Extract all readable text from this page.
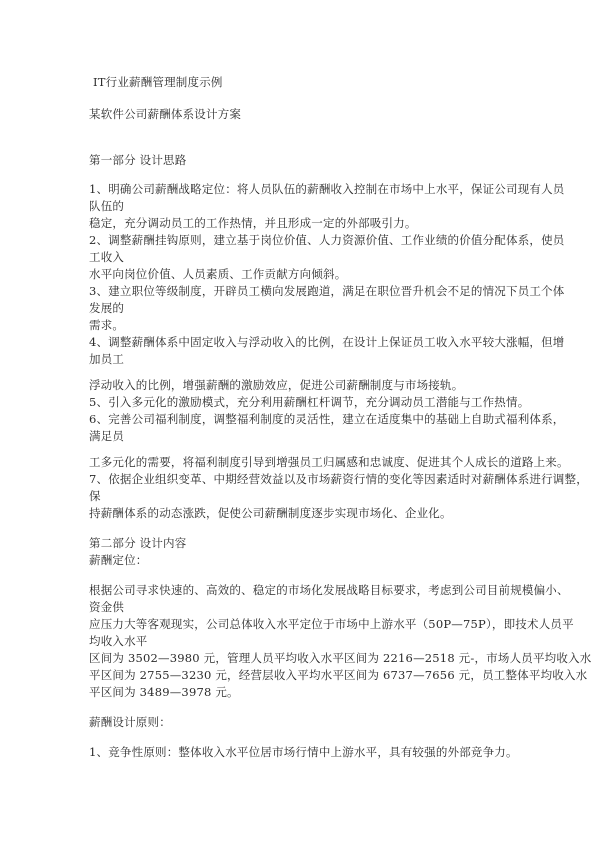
IT行业薪酬管理制度示例
某软件公司薪酬体系设计方案
第一部分 设计思路
1、明确公司薪酬战略定位：将人员队伍的薪酬收入控制在市场中上水平，保证公司现有人员
队伍的
稳定，充分调动员工的工作热情，并且形成一定的外部吸引力。
2、调整薪酬挂钩原则，建立基于岗位价值、人力资源价值、工作业绩的价值分配体系，使员
工收入
水平向岗位价值、人员素质、工作贡献方向倾斜。
3、建立职位等级制度，开辟员工横向发展跑道，满足在职位晋升机会不足的情况下员工个体
发展的
需求。
4、调整薪酬体系中固定收入与浮动收入的比例，在设计上保证员工收入水平较大涨幅，但增
加员工
浮动收入的比例，增强薪酬的激励效应，促进公司薪酬制度与市场接轨。
5、引入多元化的激励模式，充分利用薪酬杠杆调节，充分调动员工潜能与工作热情。
6、完善公司福利制度，调整福利制度的灵活性，建立在适度集中的基础上自助式福利体系，
满足员
工多元化的需要，将福利制度引导到增强员工归属感和忠诚度、促进其个人成长的道路上来。
7、依据企业组织变革、中期经营效益以及市场薪资行情的变化等因素适时对薪酬体系进行调整，
保
持薪酬体系的动态涨跌，促使公司薪酬制度逐步实现市场化、企业化。
第二部分 设计内容
薪酬定位：
根据公司寻求快速的、高效的、稳定的市场化发展战略目标要求，考虑到公司目前规模偏小、
资金供
应压力大等客观现实，公司总体收入水平定位于市场中上游水平（50P—75P），即技术人员平
均收入水平
区间为 3502—3980 元，管理人员平均收入水平区间为 2216—2518 元-，市场人员平均收入水
平区间为 2755—3230 元，经营层收入平均水平区间为 6737—7656 元，员工整体平均收入水
平区间为 3489—3978 元。
薪酬设计原则：
1、竞争性原则：整体收入水平位居市场行情中上游水平，具有较强的外部竞争力。
